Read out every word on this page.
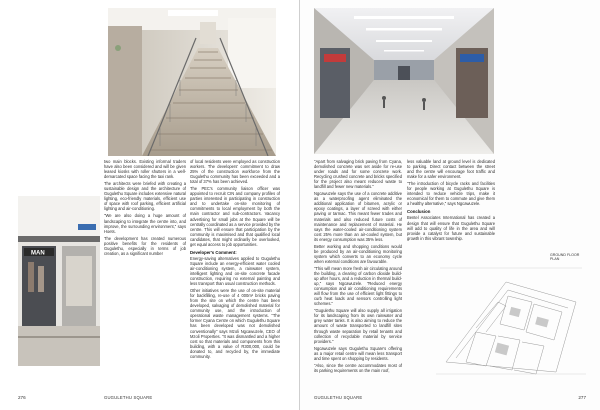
MAN

two main blocks. Existing informal traders have also been considered and will be given leased kiosks with roller shutters in a well-demarcated space facing the taxi rank.

The architects were briefed with creating a sustainable design and the architecture of Gugulethu Square includes extensive natural lighting, eco-friendly materials, efficient use of space with roof parking, efficient artificial lighting and air-conditioning.

"We are also doing a huge amount of landscaping to integrate the centre into, and improve, the surrounding environment," says Hoets.

The development has created numerous positive benefits for the residents of Gugulethu, especially in terms of job creation, as a significant number

of local residents were employed as construction workers. The developers' commitment to draw 25% of the construction workforce from the Gugulethu community has been exceeded and a total of 37% has been achieved.

The PEC's community liaison officer was appointed to recruit CIN and company profiles of parties interested in participating in construction and to undertake on-site monitoring of commitments to local employment by both the main contractor and sub-contractors. Vacancy advertising for small jobs at the Square will be centrally coordinated as a service provided by the centre. This will ensure that participation by the community is maximised and that qualified local candidates, that might ordinarily be overlooked, get equal access to job opportunities.

Developer's Comment:

Energy-saving alternatives applied to Gugulethu Square include an energy-efficient water cooled air-conditioning system, a rainwater system, intelligent lighting and on-site concrete facade construction, requiring no external painting and less transport than usual construction methods.

Other initiatives were the use of on-site material for backfilling, re-use of 4 000m² bricks paving from the site on which the centre has been developed, salvaging of demolished material for community use, and the introduction of operational waste management systems. "The former Cyana Centre on which Gugulethu Square has been developed was not demolished conventionally" says Mzoli Ngcawuzele, CEO of Mzoli Properties. "It was dismantled and a higher cost so that materials and components from this building, with a value of R300,000, could be donated to, and recycled by, the immediate community.

276	GUGULETHU SQUARE

"Apart from salvaging brick paving from Cyana, demolished concrete was set aside for re-use under roads and for some concrete work. Recycling crushed concrete and bricks specified for the project also meant reduced waste to landfill and fewer new materials."

Ngcawuzele says the use of a concrete additive as a waterproofing agent eliminated the additional application of bitumen, acrylic or epoxy coatings, a layer of screed with either paving or tarmac. This meant fewer trades and materials and also reduced future costs of maintenance and replacement of material. He says the water-cooled air-conditioning system cost 25% more than an air-cooled system, but its energy consumption was 35% less.

Better working and shopping conditions would be produced by an air-conditioning monitoring system which converts to an economy cycle when external conditions are favourable.

"This will mean more fresh air circulating around the building, a clearing of carbon dioxide build-up after hours, and a reduction in thermal build-up," says Ngcawuzele. "Reduced energy consumption and air conditioning requirements will flow from the use of efficient light fittings to curb heat loads and sensors controlling light schemes."

"Gugulethu Square will also supply all irrigation for its landscaping from its own rainwater and grey water tanks. It is also aiming to reduce the amount of waste transported to landfill sites through waste separation by retail tenants and collection of recyclable material by service providers."

Ngcawuzele says Gugulethu Square's offering as a major retail centre will mean less transport and time spent on shopping by residents.

"Also, since the centre accommodates most of its parking requirements on the main roof,

less valuable land at ground level is dedicated to parking. Direct contact between the street and the centre will encourage foot traffic and make for a safer environment.

"The introduction of bicycle racks and facilities for people working at Gugulethu Square is intended to reduce vehicle trips, make it economical for them to commute and give them a healthy alternative," says Ngcawuzele.

Conclusion

Bentel Associates International has created a design that will ensure that Gugulethu Square will add to quality of life in the area and will provide a catalyst for future and sustainable growth in this vibrant township.

GROUND FLOOR PLAN
GUGULETHU SQUARE	277
